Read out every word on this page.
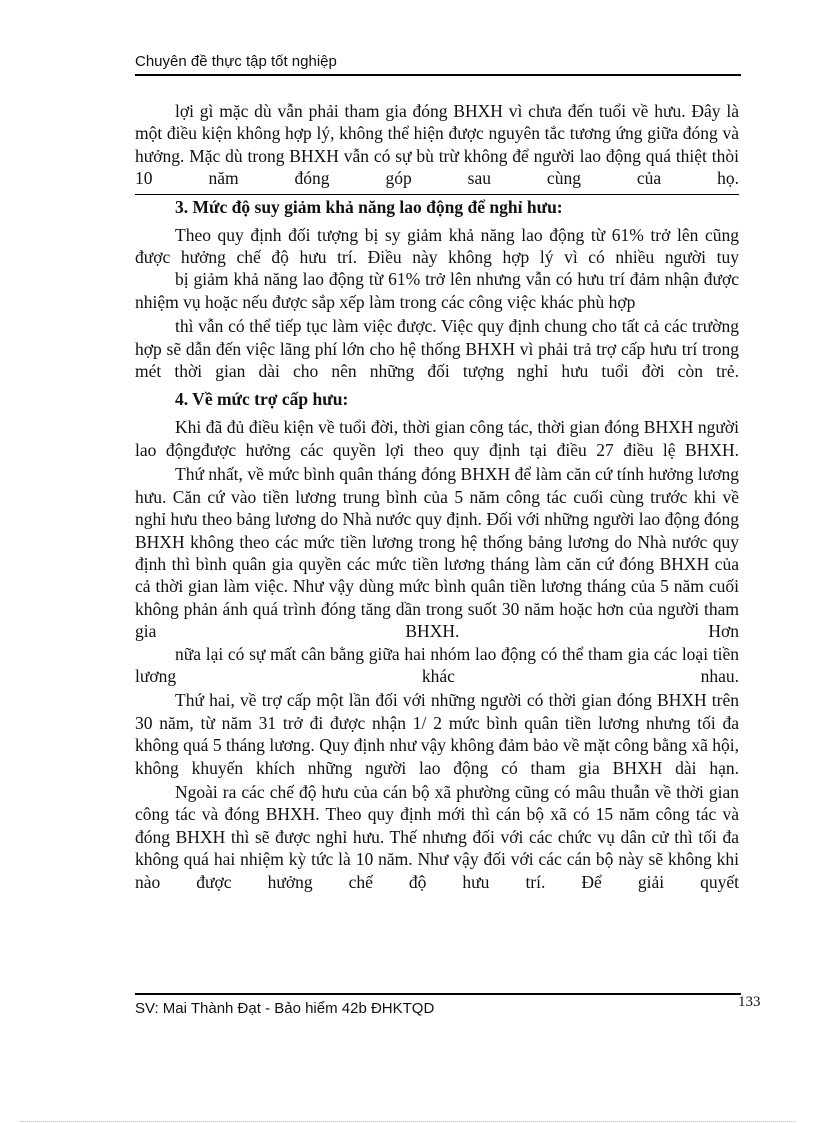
Chuyên đề thực tập tốt nghiệp

lợi gì mặc dù vẫn phải tham gia đóng BHXH vì chưa đến tuổi về hưu. Đây là một điều kiện không hợp lý, không thể hiện được nguyên tắc tương ứng giữa đóng và hưởng. Mặc dù trong BHXH vẫn có sự bù trừ không để người lao động quá thiệt thòi 10 năm đóng góp sau cùng của họ.

3. Mức độ suy giảm khả năng lao động để nghỉ hưu:

Theo quy định đối tượng bị sy giảm khả năng lao động từ 61% trở lên cũng được hưởng chế độ hưu trí. Điều này không hợp lý vì có nhiều người tuy

bị giảm khả năng lao động từ 61% trở lên nhưng vẫn có hưu trí đảm nhận được nhiệm vụ hoặc nếu được sắp xếp làm trong các công việc khác phù hợp

thì vẫn có thể tiếp tục làm việc được. Việc quy định chung cho tất cả các trường hợp sẽ dẫn đến việc lãng phí lớn cho hệ thống BHXH vì phải trả trợ cấp hưu trí trong mét thời gian dài cho nên những đối tượng nghỉ hưu tuổi đời còn trẻ.

4. Về mức trợ cấp hưu:

Khi đã đủ điều kiện về tuổi đời, thời gian công tác, thời gian đóng BHXH người lao độngđược hưởng các quyền lợi theo quy định tại điều 27 điều lệ BHXH.

Thứ nhất, về mức bình quân tháng đóng BHXH để làm căn cứ tính hưởng lương hưu. Căn cứ vào tiền lương trung bình của 5 năm công tác cuối cùng trước khi về nghỉ hưu theo bảng lương do Nhà nước quy định. Đối với những người lao động đóng BHXH không theo các mức tiền lương trong hệ thống bảng lương do Nhà nước quy định thì bình quân gia quyền các mức tiền lương tháng làm căn cứ đóng BHXH của cả thời gian làm việc. Như vậy dùng mức bình quân tiền lương tháng của 5 năm cuối không phản ánh quá trình đóng tăng dần trong suốt 30 năm hoặc hơn của người tham gia BHXH. Hơn

nữa lại có sự mất cân bằng giữa hai nhóm lao động có thể tham gia các loại tiền lương khác nhau.

Thứ hai, về trợ cấp một lần đối với những người có thời gian đóng BHXH trên 30 năm, từ năm 31 trở đi được nhận 1/ 2 mức bình quân tiền lương nhưng tối đa không quá 5 tháng lương. Quy định như vậy không đảm bảo về mặt công bằng xã hội, không khuyến khích những người lao động có tham gia BHXH dài hạn.

Ngoài ra các chế độ hưu của cán bộ xã phường cũng có mâu thuẫn về thời gian công tác và đóng BHXH. Theo quy định mới thì cán bộ xã có 15 năm công tác và đóng BHXH thì sẽ được nghỉ hưu. Thế nhưng đối với các chức vụ dân cử thì tối đa không quá hai nhiệm kỳ tức là 10 năm. Như vậy đối với các cán bộ này sẽ không khi nào được hưởng chế độ hưu trí. Để giải quyết

SV: Mai Thành Đạt - Bảo hiểm 42b ĐHKTQD	133
